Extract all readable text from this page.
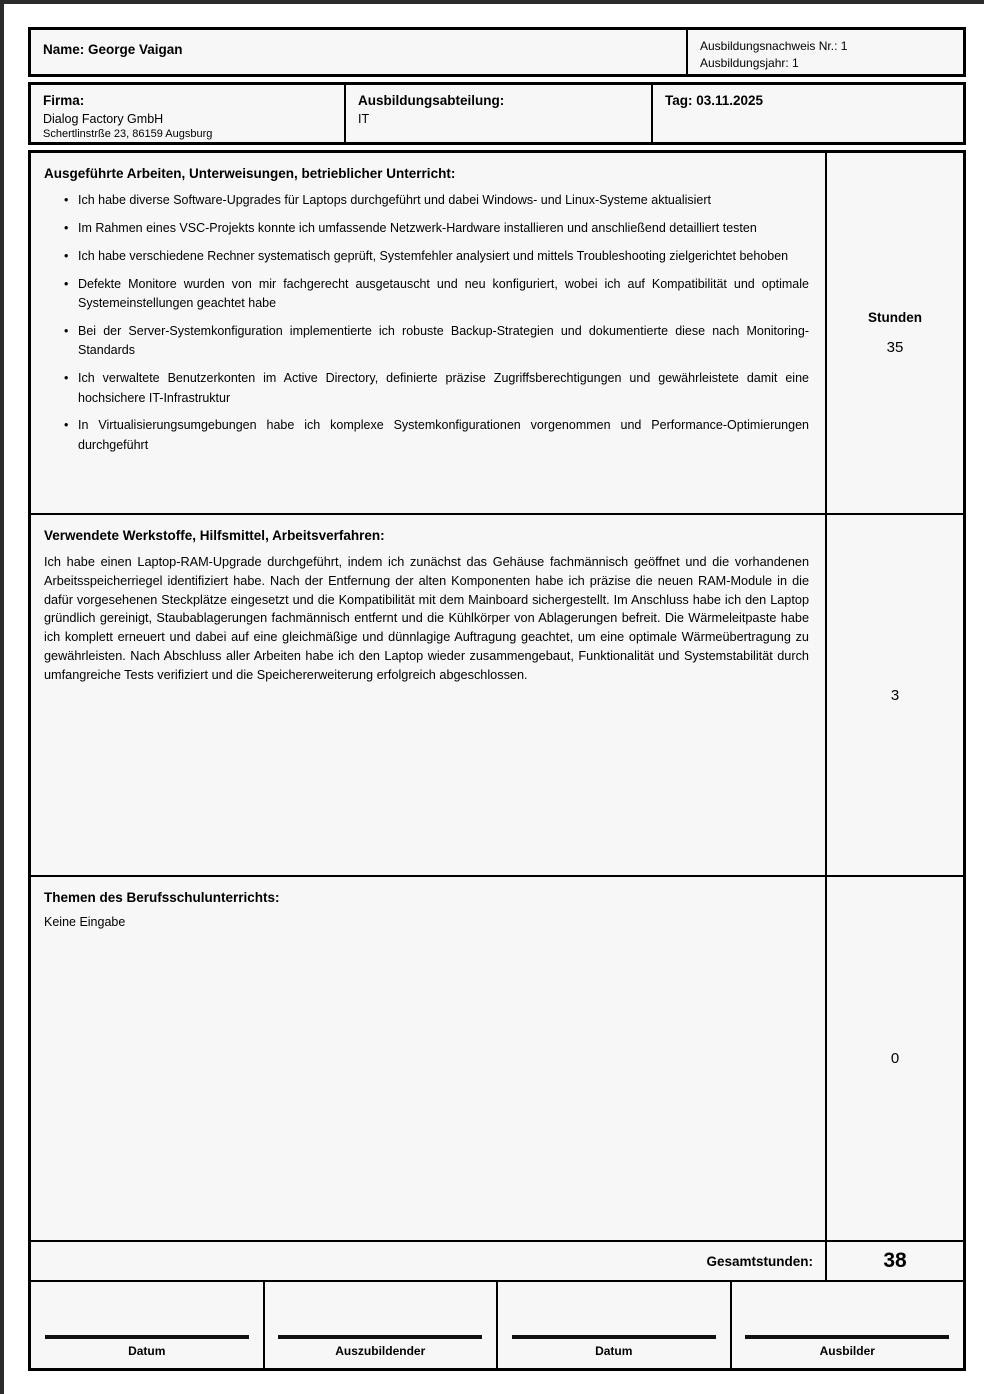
Name: George Vaigan	Ausbildungsnachweis Nr.: 1
Ausbildungsjahr: 1
Firma:
Dialog Factory GmbH
Schertlinstrße 23, 86159 Augsburg
Ausbildungsabteilung:
IT
Tag: 03.11.2025
Ausgeführte Arbeiten, Unterweisungen, betrieblicher Unterricht:
• Ich habe diverse Software-Upgrades für Laptops durchgeführt und dabei Windows- und Linux-Systeme aktualisiert
• Im Rahmen eines VSC-Projekts konnte ich umfassende Netzwerk-Hardware installieren und anschließend detailliert testen
• Ich habe verschiedene Rechner systematisch geprüft, Systemfehler analysiert und mittels Troubleshooting zielgerichtet behoben
• Defekte Monitore wurden von mir fachgerecht ausgetauscht und neu konfiguriert, wobei ich auf Kompatibilität und optimale Systemeinstellungen geachtet habe
• Bei der Server-Systemkonfiguration implementierte ich robuste Backup-Strategien und dokumentierte diese nach Monitoring-Standards
• Ich verwaltete Benutzerkonten im Active Directory, definierte präzise Zugriffsberechtigungen und gewährleistete damit eine hochsichere IT-Infrastruktur
• In Virtualisierungsumgebungen habe ich komplexe Systemkonfigurationen vorgenommen und Performance-Optimierungen durchgeführt
Stunden
35
Verwendete Werkstoffe, Hilfsmittel, Arbeitsverfahren:

Ich habe einen Laptop-RAM-Upgrade durchgeführt, indem ich zunächst das Gehäuse fachmännisch geöffnet und die vorhandenen Arbeitsspeicherriegel identifiziert habe. Nach der Entfernung der alten Komponenten habe ich präzise die neuen RAM-Module in die dafür vorgesehenen Steckplätze eingesetzt und die Kompatibilität mit dem Mainboard sichergestellt. Im Anschluss habe ich den Laptop gründlich gereinigt, Staubablagerungen fachmännisch entfernt und die Kühlkörper von Ablagerungen befreit. Die Wärmeleitpaste habe ich komplett erneuert und dabei auf eine gleichmäßige und dünnlagige Auftragung geachtet, um eine optimale Wärmeübertragung zu gewährleisten. Nach Abschluss aller Arbeiten habe ich den Laptop wieder zusammengebaut, Funktionalität und Systemstabilität durch umfangreiche Tests verifiziert und die Speichererweiterung erfolgreich abgeschlossen.

3
Themen des Berufsschulunterrichts:
Keine Eingabe
0
Gesamtstunden:	38
Datum	Auszubildender	Datum	Ausbilder
